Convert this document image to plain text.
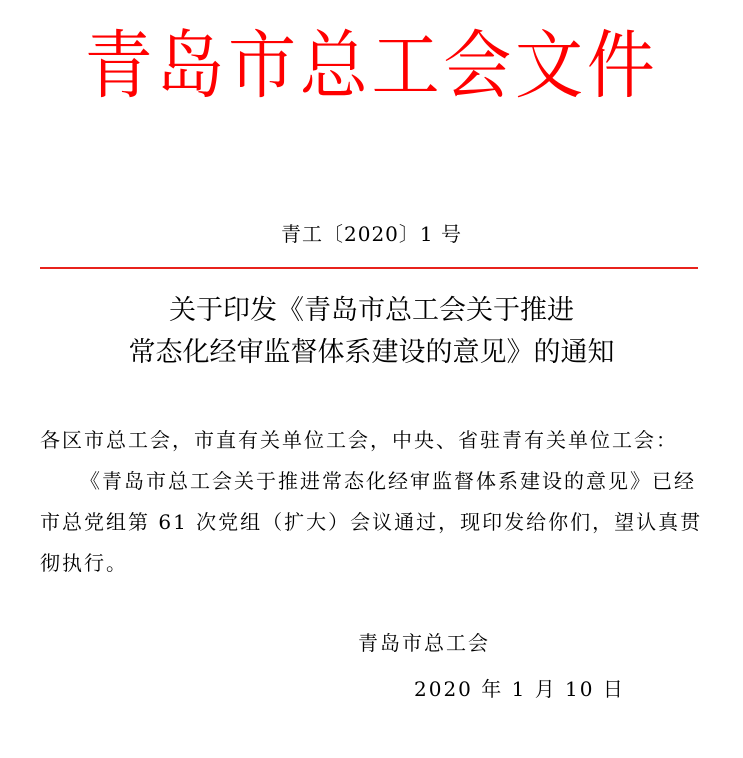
青岛市总工会文件
青工〔2020〕1 号
关于印发《青岛市总工会关于推进
常态化经审监督体系建设的意见》的通知

各区市总工会，市直有关单位工会，中央、省驻青有关单位工会：

《青岛市总工会关于推进常态化经审监督体系建设的意见》已经市总党组第 61 次党组（扩大）会议通过，现印发给你们，望认真贯彻执行。

青岛市总工会
2020 年 1 月 10 日
